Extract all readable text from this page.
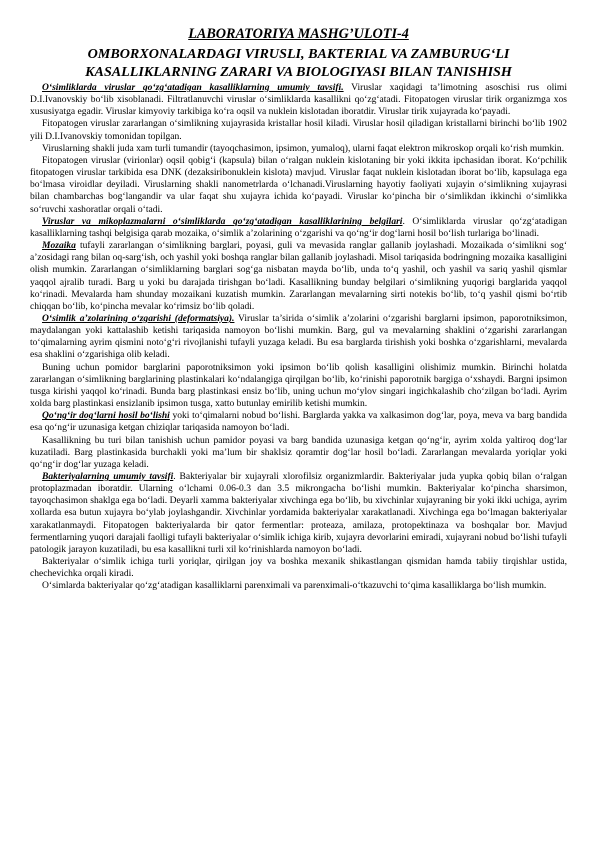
LABORATORIYA MASHG’ULOTI-4
OMBORXONALARDAGI VIRUSLI, BAKTERIAL VA ZAMBURUG‘LI
KASALLIKLARNING ZARARI VA BIOLOGIYASI BILAN TANISHISH

O‘simliklarda viruslar qo‘zg‘atadigan kasalliklarning umumiy tavsifi. Viruslar xaqidagi ta’limotning asoschisi rus olimi D.I.Ivanovskiy bo‘lib xisoblanadi. Filtratlanuvchi viruslar o‘simliklarda kasallikni qo‘zg‘atadi. Fitopatogen viruslar tirik organizmga xos xususiyatga egadir. Viruslar kimyoviy tarkibiga ko‘ra oqsil va nuklein kislotadan iboratdir. Viruslar tirik xujayrada ko‘payadi.

Fitopatogen viruslar zararlangan o‘simlikning xujayrasida kristallar hosil kiladi. Viruslar hosil qiladigan kristallarni birinchi bo‘lib 1902 yili D.I.Ivanovskiy tomonidan topilgan.

Viruslarning shakli juda xam turli tumandir (tayoqchasimon, ipsimon, yumaloq), ularni faqat elektron mikroskop orqali ko‘rish mumkin.

Fitopatogen viruslar (virionlar) oqsil qobig‘i (kapsula) bilan o‘ralgan nuklein kislotaning bir yoki ikkita ipchasidan iborat. Ko‘pchilik fitopatogen viruslar tarkibida esa DNK (dezaksiribonuklein kislota) mavjud. Viruslar faqat nuklein kislotadan iborat bo‘lib, kapsulaga ega bo‘lmasa viroidlar deyiladi. Viruslarning shakli nanometrlarda o‘lchanadi.Viruslarning hayotiy faoliyati xujayin o‘simlikning xujayrasi bilan chambarchas bog‘langandir va ular faqat shu xujayra ichida ko‘payadi. Viruslar ko‘pincha bir o‘simlikdan ikkinchi o‘simlikka so‘ruvchi xashoratlar orqali o‘tadi.

Viruslar va mikoplazmalarni o‘simliklarda qo‘zg‘atadigan kasalliklarining belgilari. O‘simliklarda viruslar qo‘zg‘atadigan kasalliklarning tashqi belgisiga qarab mozaika, o‘simlik a’zolarining o‘zgarishi va qo‘ng‘ir dog‘larni hosil bo‘lish turlariga bo‘linadi.

Mozaika tufayli zararlangan o‘simlikning barglari, poyasi, guli va mevasida ranglar gallanib joylashadi. Mozaikada o‘simlikni sog‘ a’zosidagi rang bilan oq-sarg‘ish, och yashil yoki boshqa ranglar bilan gallanib joylashadi. Misol tariqasida bodringning mozaika kasalligini olish mumkin. Zararlangan o‘simliklarning barglari sog‘ga nisbatan mayda bo‘lib, unda to‘q yashil, och yashil va sariq yashil qismlar yaqqol ajralib turadi. Barg u yoki bu darajada tirishgan bo‘ladi. Kasallikning bunday belgilari o‘simlikning yuqorigi barglarida yaqqol ko‘rinadi. Mevalarda ham shunday mozaikani kuzatish mumkin. Zararlangan mevalarning sirti notekis bo‘lib, to‘q yashil qismi bo‘rtib chiqqan bo‘lib, ko‘pincha mevalar ko‘rimsiz bo‘lib qoladi.

O‘simlik a’zolarining o‘zgarishi (deformatsiya). Viruslar ta’sirida o‘simlik a’zolarini o‘zgarishi barglarni ipsimon, paporotniksimon, maydalangan yoki kattalashib ketishi tariqasida namoyon bo‘lishi mumkin. Barg, gul va mevalarning shaklini o‘zgarishi zararlangan to‘qimalarning ayrim qismini noto‘g‘ri rivojlanishi tufayli yuzaga keladi. Bu esa barglarda tirishish yoki boshka o‘zgarishlarni, mevalarda esa shaklini o‘zgarishiga olib keladi.

Buning uchun pomidor barglarini paporotniksimon yoki ipsimon bo‘lib qolish kasalligini olishimiz mumkin. Birinchi holatda zararlangan o‘simlikning barglarining plastinkalari ko‘ndalangiga qirqilgan bo‘lib, ko‘rinishi paporotnik bargiga o‘xshaydi. Bargni ipsimon tusga kirishi yaqqol ko‘rinadi. Bunda barg plastinkasi ensiz bo‘lib, uning uchun mo‘ylov singari ingichkalashib cho‘zilgan bo‘ladi. Ayrim xolda barg plastinkasi ensizlanib ipsimon tusga, xatto butunlay emirilib ketishi mumkin.

Qo‘ng‘ir dog‘larni hosil bo‘lishi yoki to‘qimalarni nobud bo‘lishi. Barglarda yakka va xalkasimon dog‘lar, poya, meva va barg bandida esa qo‘ng‘ir uzunasiga ketgan chiziqlar tariqasida namoyon bo‘ladi.

Kasallikning bu turi bilan tanishish uchun pamidor poyasi va barg bandida uzunasiga ketgan qo‘ng‘ir, ayrim xolda yaltiroq dog‘lar kuzatiladi. Barg plastinkasida burchakli yoki ma’lum bir shaklsiz qoramtir dog‘lar hosil bo‘ladi. Zararlangan mevalarda yoriqlar yoki qo‘ng‘ir dog‘lar yuzaga keladi.

Bakteriyalarning umumiy tavsifi. Bakteriyalar bir xujayrali xlorofilsiz organizmlardir. Bakteriyalar juda yupka qobiq bilan o‘ralgan protoplazmadan iboratdir. Ularning o‘lchami 0.06-0.3 dan 3.5 mikrongacha bo‘lishi mumkin. Bakteriyalar ko‘pincha sharsimon, tayoqchasimon shaklga ega bo‘ladi. Deyarli xamma bakteriyalar xivchinga ega bo‘lib, bu xivchinlar xujayraning bir yoki ikki uchiga, ayrim xollarda esa butun xujayra bo‘ylab joylashgandir. Xivchinlar yordamida bakteriyalar xarakatlanadi. Xivchinga ega bo‘lmagan bakteriyalar xarakatlanmaydi. Fitopatogen bakteriyalarda bir qator fermentlar: proteaza, amilaza, protopektinaza va boshqalar bor. Mavjud fermentlarning yuqori darajali faolligi tufayli bakteriyalar o‘simlik ichiga kirib, xujayra devorlarini emiradi, xujayrani nobud bo‘lishi tufayli patologik jarayon kuzatiladi, bu esa kasallikni turli xil ko‘rinishlarda namoyon bo‘ladi.

Bakteriyalar o‘simlik ichiga turli yoriqlar, qirilgan joy va boshka mexanik shikastlangan qismidan hamda tabiiy tirqishlar ustida, chechevichka orqali kiradi.

O‘simlarda bakteriyalar qo‘zg‘atadigan kasalliklarni parenximali va parenximali-o‘tkazuvchi to‘qima kasalliklarga bo‘lish mumkin.
